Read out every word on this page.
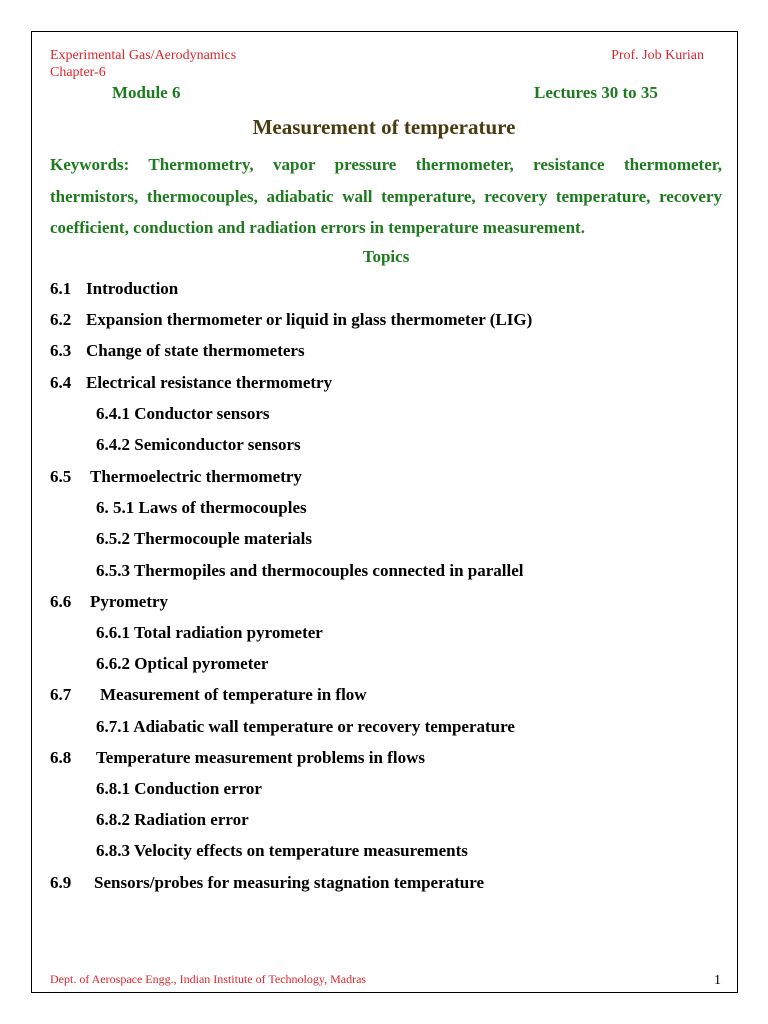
Experimental Gas/Aerodynamics
Chapter-6
Prof. Job Kurian
Module 6	Lectures 30 to 35
Measurement of temperature
Keywords: Thermometry, vapor pressure thermometer, resistance thermometer, thermistors, thermocouples, adiabatic wall temperature, recovery temperature, recovery coefficient, conduction and radiation errors in temperature measurement.
Topics
6.1 Introduction
6.2 Expansion thermometer or liquid in glass thermometer (LIG)
6.3 Change of state thermometers
6.4 Electrical resistance thermometry
6.4.1 Conductor sensors
6.4.2 Semiconductor sensors
6.5 Thermoelectric thermometry
6. 5.1 Laws of thermocouples
6.5.2 Thermocouple materials
6.5.3 Thermopiles and thermocouples connected in parallel
6.6 Pyrometry
6.6.1 Total radiation pyrometer
6.6.2 Optical pyrometer
6.7 Measurement of temperature in flow
6.7.1 Adiabatic wall temperature or recovery temperature
6.8 Temperature measurement problems in flows
6.8.1 Conduction error
6.8.2 Radiation error
6.8.3 Velocity effects on temperature measurements
6.9 Sensors/probes for measuring stagnation temperature
Dept. of Aerospace Engg., Indian Institute of Technology, Madras	1
